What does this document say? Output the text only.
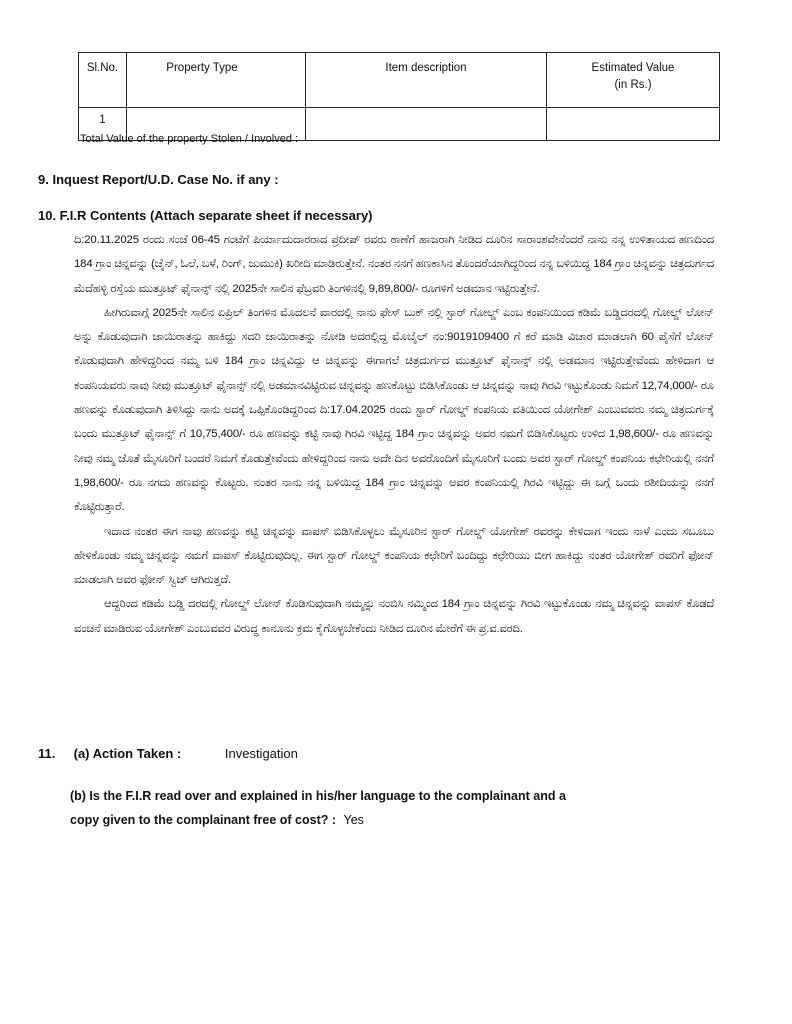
Sl.No.	Property Type	Item description	Estimated Value
(in Rs.)
1			
Total Value of the property Stolen / Involved :
9. Inquest Report/U.D. Case No. if any :
10. F.I.R Contents (Attach separate sheet if necessary)

ದಿ:20.11.2025 ರಂದು ಸಂಜೆ 06-45 ಗಂಟೆಗೆ ಪಿರ್ಯಾದುದಾರರಾದ ಪ್ರದೀಪ್ ರವರು ಠಾಣೆಗೆ ಹಾಜರಾಗಿ ನೀಡಿದ ದೂರಿನ ಸಾರಾಂಶವೇನೆಂದರೆ ನಾನು ನನ್ನ ಉಳಿತಾಯದ ಹಣದಿಂದ 184 ಗ್ರಾಂ ಚಿನ್ನವನ್ನು (ಚೈನ್, ಓಲೆ, ಬಳೆ, ರಿಂಗ್, ಜುಮುಕಿ) ಖರೀದಿ ಮಾಡಿರುತ್ತೇನೆ. ನಂತರ ನನಗೆ ಹಣಕಾಸಿನ ತೊಂದರೆಯಾಗಿದ್ದರಿಂದ ನನ್ನ ಬಳಿಯಿದ್ದ 184 ಗ್ರಾಂ ಚಿನ್ನವನ್ನು ಚಿತ್ರದುರ್ಗದ ಮೆದೆಹಳ್ಳಿ ರಸ್ತೆಯ ಮುತ್ತೂಟ್ ಫೈನಾನ್ಸ್ ನಲ್ಲಿ 2025ನೇ ಸಾಲಿನ ಫೆಬ್ರವರಿ ತಿಂಗಳಿನಲ್ಲಿ 9,89,800/- ರೂಗಳಿಗೆ ಅಡಮಾನ ಇಟ್ಟಿರುತ್ತೇನೆ.

ಹೀಗಿರುವಾಗ್ಗೆ 2025ನೇ ಸಾಲಿನ ಏಪ್ರಿಲ್ ತಿಂಗಳಿನ ಮೊದಲನೆ ವಾರದಲ್ಲಿ ನಾನು ಫೇಸ್ ಬುಕ್ ನಲ್ಲಿ ಸ್ಟಾರ್ ಗೋಲ್ಡ್ ಎಂಬ ಕಂಪನಿಯಿಂದ ಕಡಿಮೆ ಬಡ್ಡಿದರದಲ್ಲಿ ಗೋಲ್ಡ್ ಲೋನ್ ಅನ್ನು ಕೊಡುವುದಾಗಿ ಜಾಯಿರಾತನ್ನು ಹಾಕಿದ್ದು ಸದರಿ ಜಾಯಿರಾತನ್ನು ನೋಡಿ ಅದರಲ್ಲಿದ್ದ ಮೊಬೈಲ್ ನಂ:9019109400 ಗೆ ಕರೆ ಮಾಡಿ ವಿಚಾರ ಮಾಡಲಾಗಿ 60 ಪೈಸೆಗೆ ಲೋನ್ ಕೊಡುವುದಾಗಿ ಹೇಳಿದ್ದರಿಂದ ನಮ್ಮ ಬಳಿ 184 ಗ್ರಾಂ ಚಿನ್ನವಿದ್ದು ಆ ಚಿನ್ನವನ್ನು ಈಗಾಗಲೆ ಚಿತ್ರದುರ್ಗದ ಮುತ್ತೂಟ್ ಫೈನಾನ್ಸ್ ನಲ್ಲಿ ಅಡಮಾನ ಇಟ್ಟಿರುತ್ತೇವೆಂದು ಹೇಳಿದಾಗ ಆ ಕಂಪನಿಯವರು ನಾವು ನೀವು ಮುತ್ತೂಟ್ ಫೈನಾನ್ಸ್ ನಲ್ಲಿ ಅಡಮಾನವಿಟ್ಟಿರುವ ಚಿನ್ನವನ್ನು ಹಣಕೊಟ್ಟು ಬಿಡಿಸಿಕೊಂಡು ಆ ಚಿನ್ನವನ್ನು ನಾವು ಗಿರವಿ ಇಟ್ಟುಕೊಂಡು ನಿಮಗೆ 12,74,000/- ರೂ ಹಣವನ್ನು ಕೊಡುವುದಾಗಿ ತಿಳಿಸಿದ್ದು ನಾನು ಅದಕ್ಕೆ ಒಪ್ಪಿಕೊಂಡಿದ್ದರಿಂದ ದಿ:17.04.2025 ರಂದು ಸ್ಟಾರ್ ಗೋಲ್ಡ್ ಕಂಪನಿಯ ವತಿಯಿಂದ ಯೋಗೇಶ್ ಎಂಬುವವರು ನಮ್ಮ ಚಿತ್ರದುರ್ಗಕ್ಕೆ ಬಂದು ಮುತ್ತೂಟ್ ಫೈನಾನ್ಸ್ ಗೆ 10,75,400/- ರೂ ಹಣವನ್ನು ಕಟ್ಟಿ ನಾವು ಗಿರವಿ ಇಟ್ಟಿದ್ದ 184 ಗ್ರಾಂ ಚಿನ್ನವನ್ನು ಅವರ ನಮಗೆ ಬಿಡಿಸಿಕೊಟ್ಟರು ಉಳಿದ 1,98,600/- ರೂ ಹಣವನ್ನು ನೀವು ನಮ್ಮ ಜೊತೆ ಮೈಸೂರಿಗೆ ಬಂದರೆ ನಿಮಗೆ ಕೊಡುತ್ತೇವೆಂದು ಹೇಳಿದ್ದರಿಂದ ನಾನು ಅದೇ ದಿನ ಅವರೊಂದಿಗೆ ಮೈಸೂರಿಗೆ ಬಂದು ಅವರ ಸ್ಟಾರ್ ಗೋಲ್ಡ್ ಕಂಪನಿಯ ಕಛೇರಿಯಲ್ಲಿ ನನಗೆ 1,98,600/- ರೂ ನಗದು ಹಣವನ್ನು ಕೊಟ್ಟರು. ನಂತರ ನಾನು ನನ್ನ ಬಳಿಯಿದ್ದ 184 ಗ್ರಾಂ ಚಿನ್ನವನ್ನು ಅವರ ಕಂಪನಿಯಲ್ಲಿ ಗಿರವಿ ಇಟ್ಟಿದ್ದು ಈ ಬಗ್ಗೆ ಒಂದು ರಶೀದಿಯನ್ನು ನನಗೆ ಕೊಟ್ಟಿರುತ್ತಾರೆ.

ಇದಾದ ನಂತರ ಈಗ ನಾವು ಹಣವನ್ನು ಕಟ್ಟಿ ಚಿನ್ನವನ್ನು ವಾಪಸ್ ಬಿಡಿಸಿಕೊಳ್ಳಲು ಮೈಸೂರಿನ ಸ್ಟಾರ್ ಗೋಲ್ಡ್ ಯೋಗೇಶ್ ರವರನ್ನು ಕೇಳಿದಾಗ ಇಂದು ನಾಳೆ ಎಂದು ಸಬೂಬು ಹೇಳಿಕೊಂಡು ನಮ್ಮ ಚಿನ್ನವನ್ನು ನಮಗೆ ವಾಪಸ್ ಕೊಟ್ಟಿರುವುದಿಲ್ಲ. ಈಗ ಸ್ಟಾರ್ ಗೋಲ್ಡ್ ಕಂಪನಿಯ ಕಛೇರಿಗೆ ಬಂದಿದ್ದು ಕಛೇರಿಯು ಬೀಗ ಹಾಕಿದ್ದು ನಂತರ ಯೋಗೇಶ್ ರವರಿಗೆ ಫೋನ್ ಮಾಡಲಾಗಿ ಅವರ ಫೋನ್ ಸ್ವಿಚ್ ಆಗಿರುತ್ತದೆ.

ಆದ್ದರಿಂದ ಕಡಿಮೆ ಬಡ್ಡಿ ದರದಲ್ಲಿ ಗೋಲ್ಡ್ ಲೋನ್ ಕೊಡಿಸುವುದಾಗಿ ನಮ್ಮನ್ನು ನಂಬಿಸಿ ನಮ್ಮಿಂದ 184 ಗ್ರಾಂ ಚಿನ್ನವನ್ನು ಗಿರವಿ ಇಟ್ಟುಕೊಂಡು ನಮ್ಮ ಚಿನ್ನವನ್ನು ವಾಪಸ್ ಕೊಡದೆ ವಂಚನೆ ಮಾಡಿರುವ ಯೋಗೇಶ್ ಎಂಬುವವರ ವಿರುದ್ಧ ಕಾನೂನು ಕ್ರಮ ಕೈಗೊಳ್ಳಬೇಕೆಂದು ನೀಡಿದ ದೂರಿನ ಮೇರೆಗೆ ಈ ಪ್ರ.ವ.ವರದಿ.

11. (a) Action Taken :	Investigation
(b) Is the F.I.R read over and explained in his/her language to the complainant and a copy given to the complainant free of cost? : Yes
